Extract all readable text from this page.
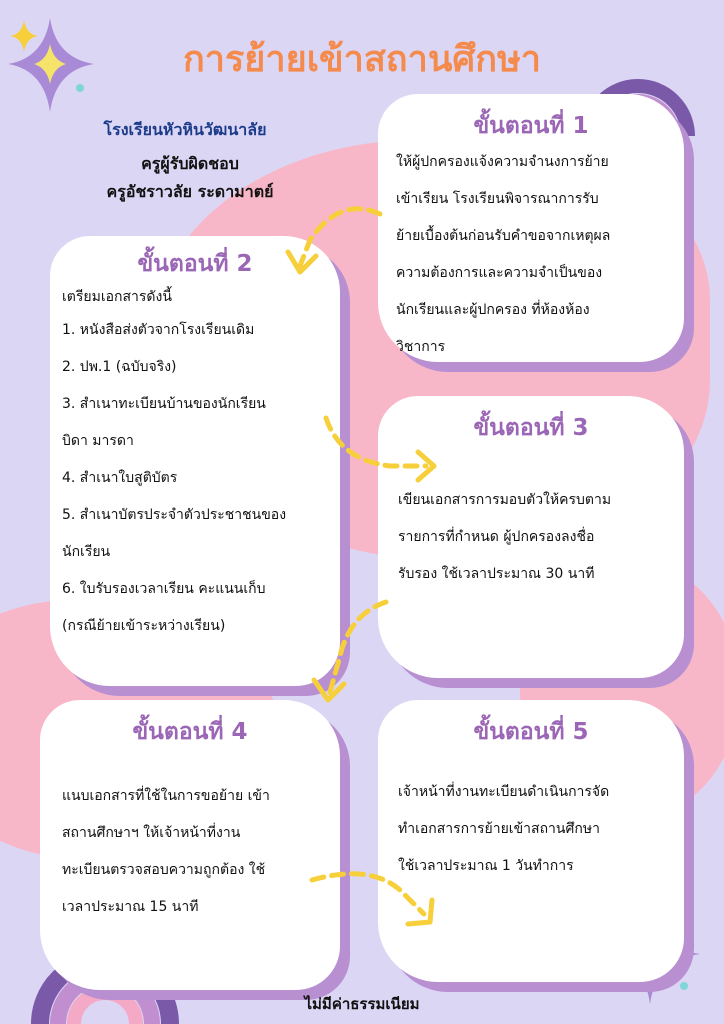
การย้ายเข้าสถานศึกษา

โรงเรียนหัวหินวัฒนาลัย

ครูผู้รับผิดชอบ

ครูอัชราวลัย ระดามาตย์

ขั้นตอนที่ 1

ให้ผู้ปกครองแจ้งความจำนงการย้าย

เข้าเรียน โรงเรียนพิจารณาการรับ

ย้ายเบื้องต้นก่อนรับคำขอจากเหตุผล

ความต้องการและความจำเป็นของ

นักเรียนและผู้ปกครอง ที่ห้องห้อง

วิชาการ

ขั้นตอนที่ 2

เตรียมเอกสารดังนี้

1. หนังสือส่งตัวจากโรงเรียนเดิม

2. ปพ.1 (ฉบับจริง)

3. สำเนาทะเบียนบ้านของนักเรียน

บิดา มารดา

4. สำเนาใบสูติบัตร

5. สำเนาบัตรประจำตัวประชาชนของ

นักเรียน

6. ใบรับรองเวลาเรียน คะแนนเก็บ

(กรณีย้ายเข้าระหว่างเรียน)

ขั้นตอนที่ 3

เขียนเอกสารการมอบตัวให้ครบตาม

รายการที่กำหนด ผู้ปกครองลงชื่อ

รับรอง ใช้เวลาประมาณ 30 นาที

ขั้นตอนที่ 4

แนบเอกสารที่ใช้ในการขอย้าย เข้า

สถานศึกษาฯ ให้เจ้าหน้าที่งาน

ทะเบียนตรวจสอบความถูกต้อง ใช้

เวลาประมาณ 15 นาที

ขั้นตอนที่ 5

เจ้าหน้าที่งานทะเบียนดำเนินการจัด

ทำเอกสารการย้ายเข้าสถานศึกษา

ใช้เวลาประมาณ 1 วันทำการ

ไม่มีค่าธรรมเนียม
